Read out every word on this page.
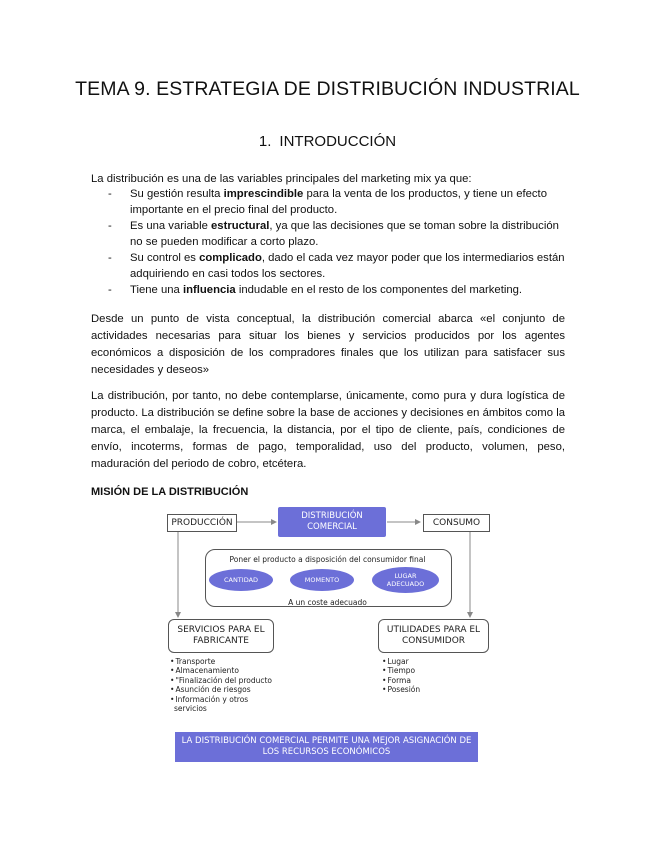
TEMA 9. ESTRATEGIA DE DISTRIBUCIÓN INDUSTRIAL
1. INTRODUCCIÓN
La distribución es una de las variables principales del marketing mix ya que:
- Su gestión resulta imprescindible para la venta de los productos, y tiene un efecto importante en el precio final del producto.
- Es una variable estructural, ya que las decisiones que se toman sobre la distribución no se pueden modificar a corto plazo.
- Su control es complicado, dado el cada vez mayor poder que los intermediarios están adquiriendo en casi todos los sectores.
- Tiene una influencia indudable en el resto de los componentes del marketing.
Desde un punto de vista conceptual, la distribución comercial abarca «el conjunto de actividades necesarias para situar los bienes y servicios producidos por los agentes económicos a disposición de los compradores finales que los utilizan para satisfacer sus necesidades y deseos»
La distribución, por tanto, no debe contemplarse, únicamente, como pura y dura logística de producto. La distribución se define sobre la base de acciones y decisiones en ámbitos como la marca, el embalaje, la frecuencia, la distancia, por el tipo de cliente, país, condiciones de envío, incoterms, formas de pago, temporalidad, uso del producto, volumen, peso, maduración del periodo de cobro, etcétera.
MISIÓN DE LA DISTRIBUCIÓN
PRODUCCIÓN
DISTRIBUCIÓN
COMERCIAL	CONSUMO
Poner el producto a disposición del consumidor final
CANTIDAD	MOMENTO	LUGAR
ADECUADO
A un coste adecuado
SERVICIOS PARA EL
FABRICANTE
UTILIDADES PARA EL
CONSUMIDOR
• Transporte
• Almacenamiento
• "Finalización del producto
• Asunción de riesgos
• Información y otros
servicios
• Lugar
• Tiempo
• Forma
• Posesión
LA DISTRIBUCIÓN COMERCIAL PERMITE UNA MEJOR ASIGNACIÓN DE
LOS RECURSOS ECONÓMICOS
